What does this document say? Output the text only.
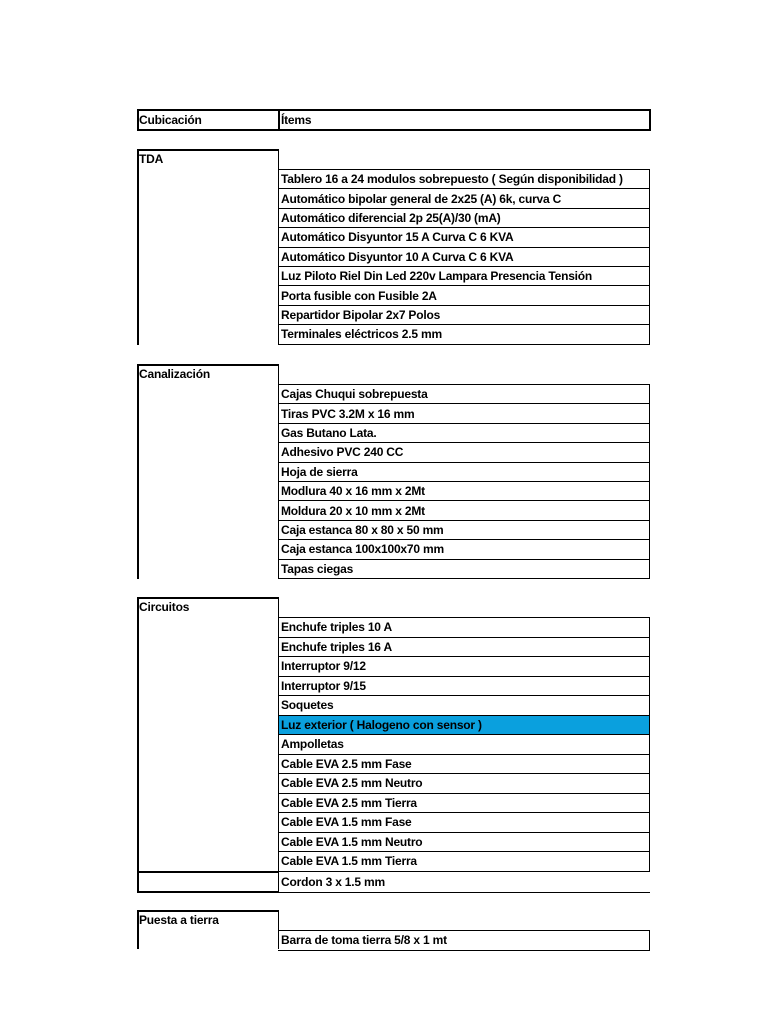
Cubicación	Ítems
TDA
Canalización
Circuitos
Puesta a tierra
Tablero 16 a 24 modulos sobrepuesto ( Según disponibilidad )
Automático bipolar general de 2x25 (A) 6k, curva C
Automático diferencial 2p 25(A)/30 (mA)
Automático Disyuntor 15 A Curva C 6 KVA
Automático Disyuntor 10 A Curva C 6 KVA
Luz Piloto Riel Din Led 220v Lampara Presencia Tensión
Porta fusible con Fusible 2A
Repartidor Bipolar 2x7 Polos
Terminales eléctricos 2.5 mm
Cajas Chuqui sobrepuesta
Tiras PVC 3.2M x 16 mm
Gas Butano Lata.
Adhesivo PVC 240 CC
Hoja de sierra
Modlura 40 x 16 mm x 2Mt
Moldura 20 x 10 mm x 2Mt
Caja estanca 80 x 80 x 50 mm
Caja estanca 100x100x70 mm
Tapas ciegas
Enchufe triples 10 A
Enchufe triples 16 A
Interruptor 9/12
Interruptor 9/15
Soquetes
Luz exterior ( Halogeno con sensor )
Ampolletas
Cable EVA 2.5 mm Fase
Cable EVA 2.5 mm Neutro
Cable EVA 2.5 mm Tierra
Cable EVA 1.5 mm Fase
Cable EVA 1.5 mm Neutro
Cable EVA 1.5 mm Tierra
Cordon 3 x 1.5 mm
Barra de toma tierra 5/8 x 1 mt
